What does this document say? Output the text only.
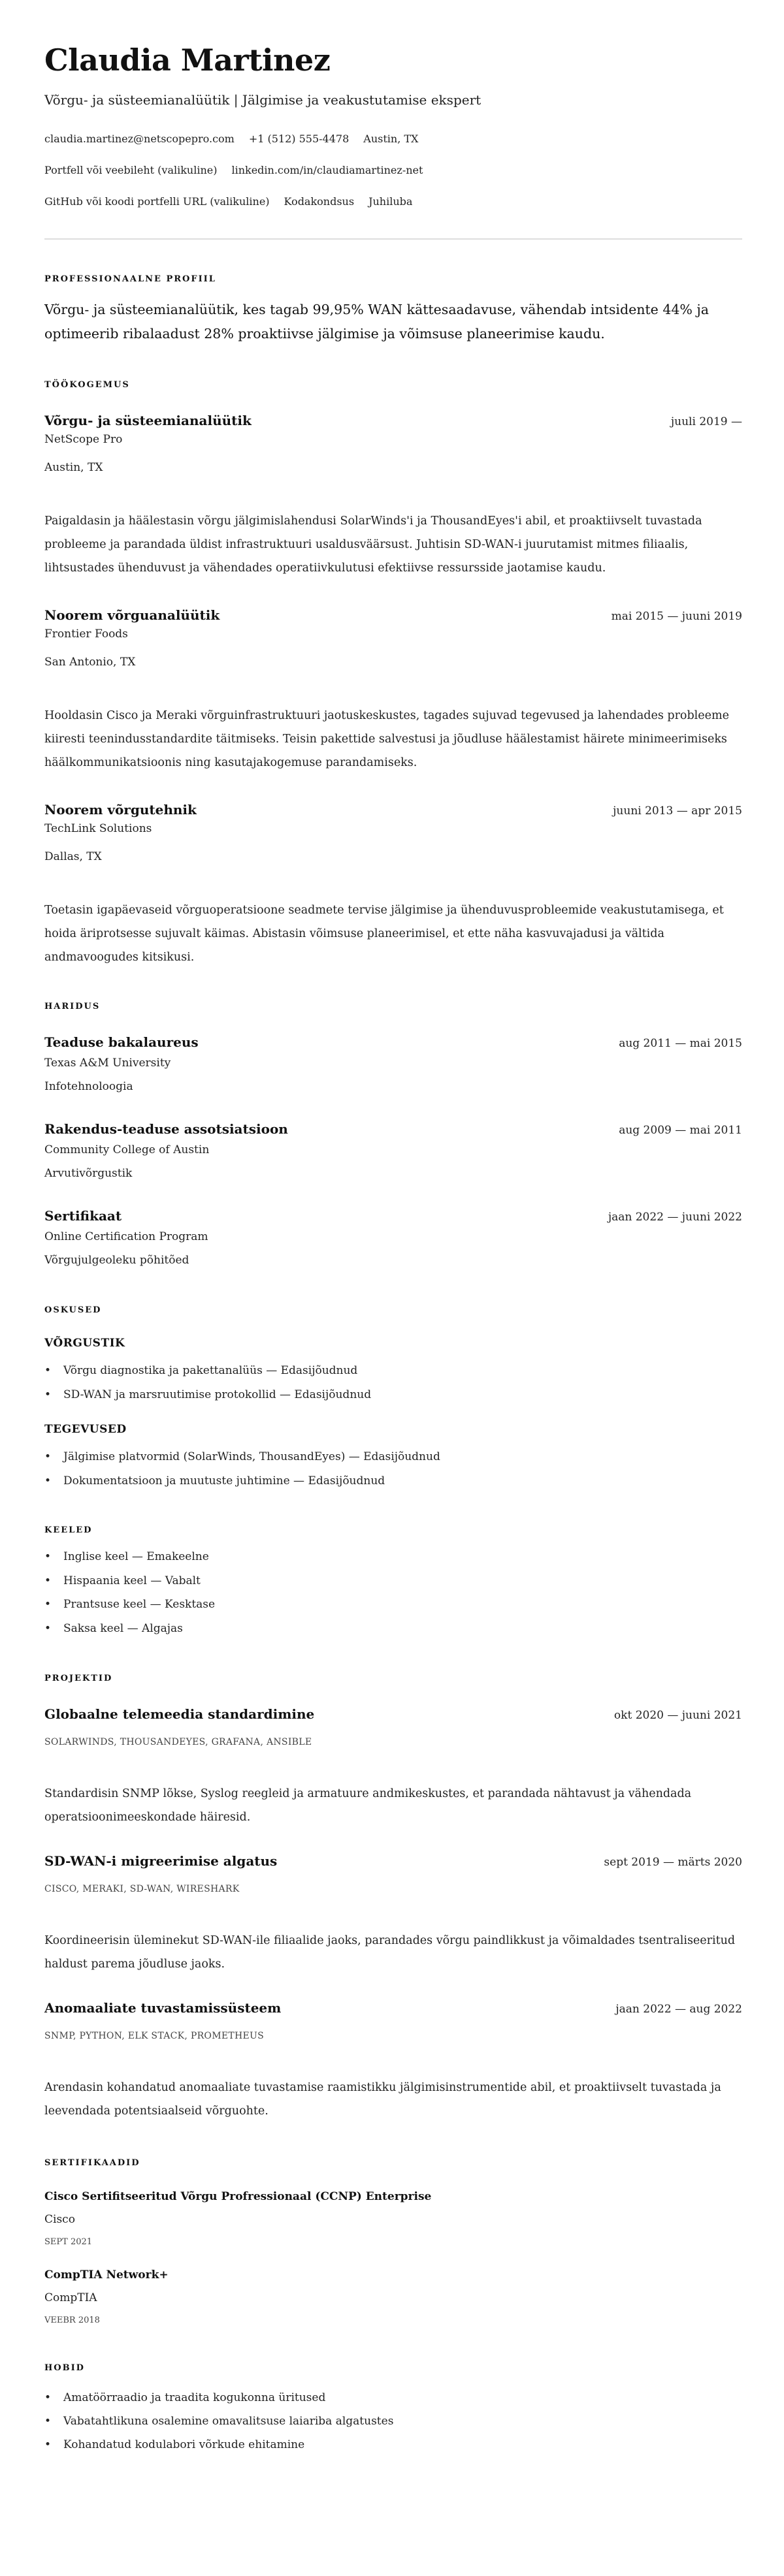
Claudia Martinez
Võrgu- ja süsteemianalüütik | Jälgimise ja veakustutamise ekspert
claudia.martinez@netscopepro.com +1 (512) 555-4478 Austin, TX
Portfell või veebileht (valikuline) linkedin.com/in/claudiamartinez-net
GitHub või koodi portfelli URL (valikuline) Kodakondsus Juhiluba
PROFESSIONAALNE PROFIIL

Võrgu- ja süsteemianalüütik, kes tagab 99,95% WAN kättesaadavuse, vähendab intsidente 44% ja optimeerib ribalaadust 28% proaktiivse jälgimise ja võimsuse planeerimise kaudu.

TÖÖKOGEMUS
Võrgu- ja süsteemianalüütik	juuli 2019 —
NetScope Pro
Austin, TX

Paigaldasin ja häälestasin võrgu jälgimislahendusi SolarWinds'i ja ThousandEyes'i abil, et proaktiivselt tuvastada probleeme ja parandada üldist infrastruktuuri usaldusväärsust. Juhtisin SD-WAN-i juurutamist mitmes filiaalis, lihtsustades ühenduvust ja vähendades operatiivkulutusi efektiivse ressursside jaotamise kaudu.

Noorem võrguanalüütik	mai 2015 — juuni 2019
Frontier Foods
San Antonio, TX

Hooldasin Cisco ja Meraki võrguinfrastruktuuri jaotuskeskustes, tagades sujuvad tegevused ja lahendades probleeme kiiresti teenindusstandardite täitmiseks. Teisin pakettide salvestusi ja jõudluse häälestamist häirete minimeerimiseks häälkommunikatsioonis ning kasutajakogemuse parandamiseks.

Noorem võrgutehnik	juuni 2013 — apr 2015
TechLink Solutions
Dallas, TX

Toetasin igapäevaseid võrguoperatsioone seadmete tervise jälgimise ja ühenduvusprobleemide veakustutamisega, et hoida äriprotsesse sujuvalt käimas. Abistasin võimsuse planeerimisel, et ette näha kasvuvajadusi ja vältida andmavoogudes kitsikusi.

HARIDUS
Teaduse bakalaureus	aug 2011 — mai 2015
Texas A&M University
Infotehnoloogia
Rakendus-teaduse assotsiatsioon	aug 2009 — mai 2011
Community College of Austin
Arvutivõrgustik
Sertifikaat	jaan 2022 — juuni 2022
Online Certification Program
Võrgujulgeoleku põhitõed
OSKUSED
VÕRGUSTIK
• Võrgu diagnostika ja pakettanalüüs — Edasijõudnud
• SD-WAN ja marsruutimise protokollid — Edasijõudnud
TEGEVUSED
• Jälgimise platvormid (SolarWinds, ThousandEyes) — Edasijõudnud
• Dokumentatsioon ja muutuste juhtimine — Edasijõudnud
KEELED
• Inglise keel — Emakeelne
• Hispaania keel — Vabalt
• Prantsuse keel — Kesktase
• Saksa keel — Algajas
PROJEKTID
Globaalne telemeedia standardimine	okt 2020 — juuni 2021
SOLARWINDS, THOUSANDEYES, GRAFANA, ANSIBLE

Standardisin SNMP lõkse, Syslog reegleid ja armatuure andmikeskustes, et parandada nähtavust ja vähendada operatsioonimeeskondade häiresid.

SD-WAN-i migreerimise algatus	sept 2019 — märts 2020
CISCO, MERAKI, SD-WAN, WIRESHARK

Koordineerisin üleminekut SD-WAN-ile filiaalide jaoks, parandades võrgu paindlikkust ja võimaldades tsentraliseeritud haldust parema jõudluse jaoks.

Anomaaliate tuvastamissüsteem	jaan 2022 — aug 2022
SNMP, PYTHON, ELK STACK, PROMETHEUS

Arendasin kohandatud anomaaliate tuvastamise raamistikku jälgimisinstrumentide abil, et proaktiivselt tuvastada ja leevendada potentsiaalseid võrguohte.

SERTIFIKAADID
Cisco Sertifitseeritud Võrgu Profressionaal (CCNP) Enterprise
Cisco
SEPT 2021
CompTIA Network+
CompTIA
VEEBR 2018
HOBID
• Amatöörraadio ja traadita kogukonna üritused
• Vabatahtlikuna osalemine omavalitsuse laiariba algatustes
• Kohandatud kodulabori võrkude ehitamine
